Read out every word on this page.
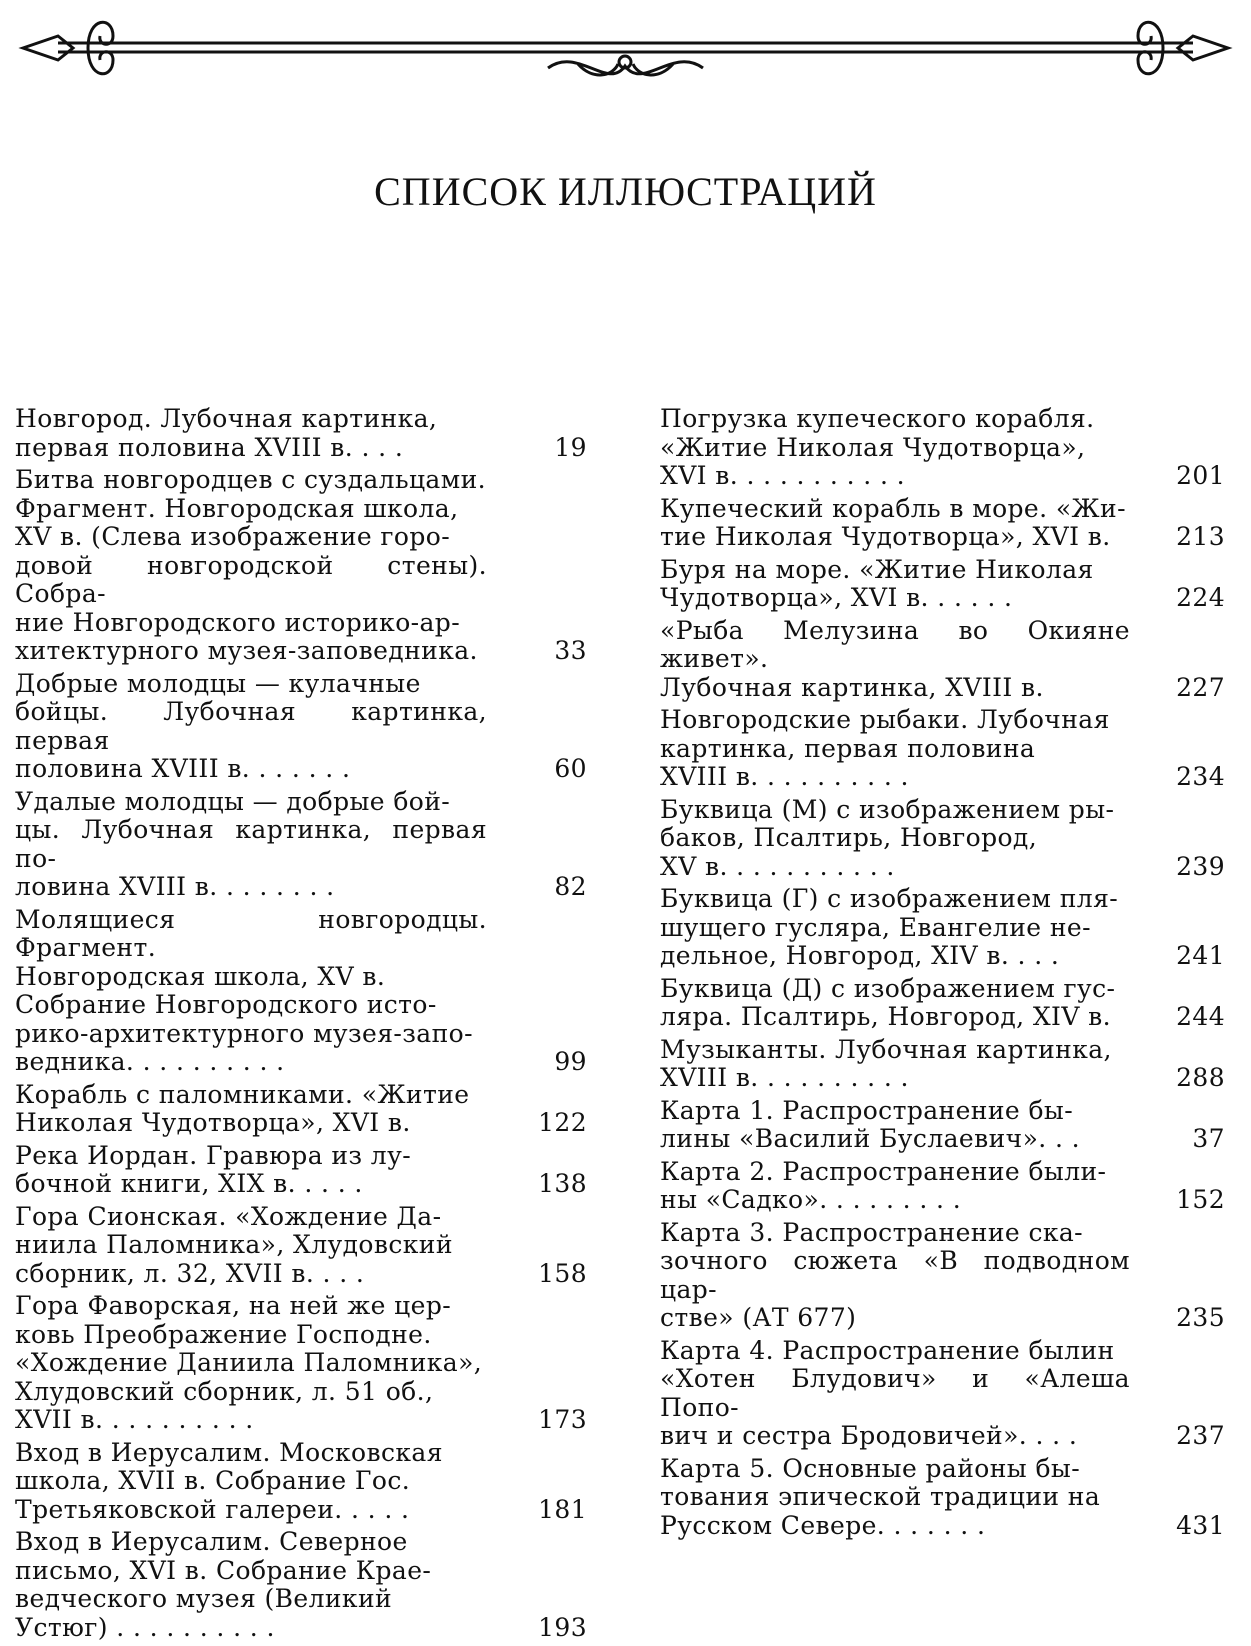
СПИСОК ИЛЛЮСТРАЦИЙ
Новгород. Лубочная картинка,
первая половина XVIII в. . . .	19
Битва новгородцев с суздальцами.
Фрагмент. Новгородская школа,
XV в. (Слева изображение горо-
довой новгородской стены). Собра-
ние Новгородского историко-ар-
хитектурного музея-заповедника.	33
Добрые молодцы — кулачные
бойцы. Лубочная картинка, первая
половина XVIII в. . . . . . .	60
Удалые молодцы — добрые бой-
цы. Лубочная картинка, первая по-
ловина XVIII в. . . . . . . .	82
Молящиеся новгородцы. Фрагмент.
Новгородская школа, XV в.
Собрание Новгородского исто-
рико-архитектурного музея-запо-
ведника. . . . . . . . . .	99
Корабль с паломниками. «Житие
Николая Чудотворца», XVI в.	122
Река Иордан. Гравюра из лу-
бочной книги, XIX в. . . . .	138
Гора Сионская. «Хождение Да-
ниила Паломника», Хлудовский
сборник, л. 32, XVII в. . . .	158
Гора Фаворская, на ней же цер-
ковь Преображение Господне.
«Хождение Даниила Паломника»,
Хлудовский сборник, л. 51 об.,
XVII в. . . . . . . . . .	173
Вход в Иерусалим. Московская
школа, XVII в. Собрание Гос.
Третьяковской галереи. . . . .	181
Вход в Иерусалим. Северное
письмо, XVI в. Собрание Крае-
ведческого музея (Великий
Устюг) . . . . . . . . . .	193
Погрузка купеческого корабля.
«Житие Николая Чудотворца»,
XVI в. . . . . . . . . . .	201
Купеческий корабль в море. «Жи-
тие Николая Чудотворца», XVI в.	213
Буря на море. «Житие Николая
Чудотворца», XVI в. . . . . .	224
«Рыба Мелузина во Окияне живет».
Лубочная картинка, XVIII в.	227
Новгородские рыбаки. Лубочная
картинка, первая половина
XVIII в. . . . . . . . . .	234
Буквица (М) с изображением ры-
баков, Псалтирь, Новгород,
XV в. . . . . . . . . . .	239
Буквица (Г) с изображением пля-
шущего гусляра, Евангелие не-
дельное, Новгород, XIV в. . . .	241
Буквица (Д) с изображением гус-
ляра. Псалтирь, Новгород, XIV в.	244
Музыканты. Лубочная картинка,
XVIII в. . . . . . . . . .	288
Карта 1. Распространение бы-
лины «Василий Буслаевич». . .	37
Карта 2. Распространение были-
ны «Садко». . . . . . . . .	152
Карта 3. Распространение ска-
зочного сюжета «В подводном цар-
стве» (АТ 677)	235
Карта 4. Распространение былин
«Хотен Блудович» и «Алеша Попо-
вич и сестра Бродовичей». . . .	237
Карта 5. Основные районы бы-
тования эпической традиции на
Русском Севере. . . . . . .	431
